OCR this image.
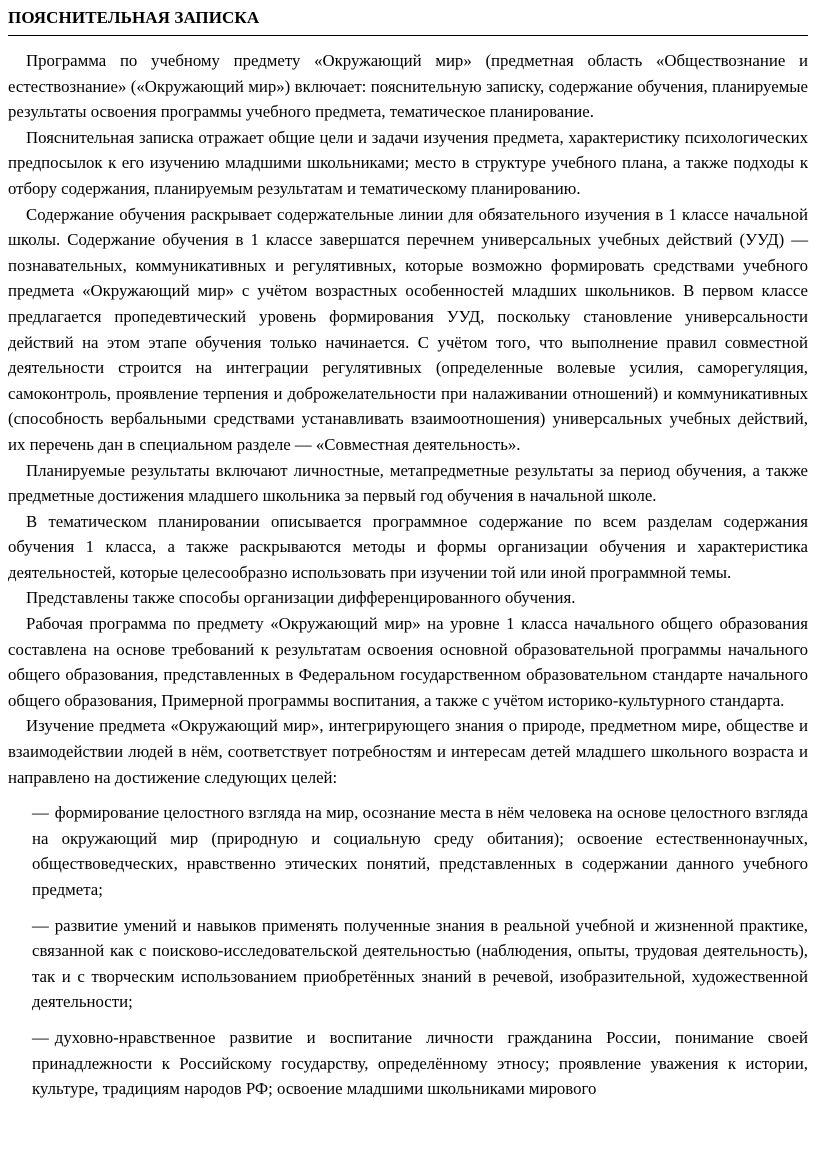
ПОЯСНИТЕЛЬНАЯ ЗАПИСКА

Программа по учебному предмету «Окружающий мир» (предметная область «Обществознание и естествознание» («Окружающий мир») включает: пояснительную записку, содержание обучения, планируемые результаты освоения программы учебного предмета, тематическое планирование.

Пояснительная записка отражает общие цели и задачи изучения предмета, характеристику психологических предпосылок к его изучению младшими школьниками; место в структуре учебного плана, а также подходы к отбору содержания, планируемым результатам и тематическому планированию.

Содержание обучения раскрывает содержательные линии для обязательного изучения в 1 классе начальной школы. Содержание обучения в 1 классе завершатся перечнем универсальных учебных действий (УУД) — познавательных, коммуникативных и регулятивных, которые возможно формировать средствами учебного предмета «Окружающий мир» с учётом возрастных особенностей младших школьников. В первом классе предлагается пропедевтический уровень формирования УУД, поскольку становление универсальности действий на этом этапе обучения только начинается. С учётом того, что выполнение правил совместной деятельности строится на интеграции регулятивных (определенные волевые усилия, саморегуляция, самоконтроль, проявление терпения и доброжелательности при налаживании отношений) и коммуникативных (способность вербальными средствами устанавливать взаимоотношения) универсальных учебных действий, их перечень дан в специальном разделе — «Совместная деятельность».

Планируемые результаты включают личностные, метапредметные результаты за период обучения, а также предметные достижения младшего школьника за первый год обучения в начальной школе.

В тематическом планировании описывается программное содержание по всем разделам содержания обучения 1 класса, а также раскрываются методы и формы организации обучения и характеристика деятельностей, которые целесообразно использовать при изучении той или иной программной темы.

Представлены также способы организации дифференцированного обучения.

Рабочая программа по предмету «Окружающий мир» на уровне 1 класса начального общего образования составлена на основе требований к результатам освоения основной образовательной программы начального общего образования, представленных в Федеральном государственном образовательном стандарте начального общего образования, Примерной программы воспитания, а также с учётом историко-культурного стандарта.

Изучение предмета «Окружающий мир», интегрирующего знания о природе, предметном мире, обществе и взаимодействии людей в нём, соответствует потребностям и интересам детей младшего школьного возраста и направлено на достижение следующих целей:

— формирование целостного взгляда на мир, осознание места в нём человека на основе целостного взгляда на окружающий мир (природную и социальную среду обитания); освоение естественнонаучных, обществоведческих, нравственно этических понятий, представленных в содержании данного учебного предмета;

— развитие умений и навыков применять полученные знания в реальной учебной и жизненной практике, связанной как с поисково-исследовательской деятельностью (наблюдения, опыты, трудовая деятельность), так и с творческим использованием приобретённых знаний в речевой, изобразительной, художественной деятельности;

— духовно-нравственное развитие и воспитание личности гражданина России, понимание своей принадлежности к Российскому государству, определённому этносу; проявление уважения к истории, культуре, традициям народов РФ; освоение младшими школьниками мирового
